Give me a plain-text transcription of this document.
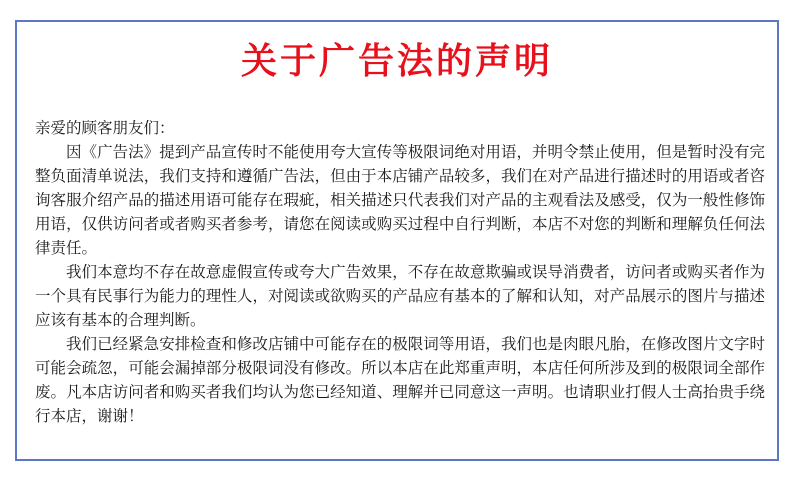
关于广告法的声明

亲爱的顾客朋友们：

因《广告法》提到产品宣传时不能使用夸大宣传等极限词绝对用语，并明令禁止使用，但是暂时没有完整负面清单说法，我们支持和遵循广告法，但由于本店铺产品较多，我们在对产品进行描述时的用语或者咨询客服介绍产品的描述用语可能存在瑕疵，相关描述只代表我们对产品的主观看法及感受，仅为一般性修饰用语，仅供访问者或者购买者参考，请您在阅读或购买过程中自行判断，本店不对您的判断和理解负任何法律责任。

我们本意均不存在故意虚假宣传或夸大广告效果，不存在故意欺骗或误导消费者，访问者或购买者作为一个具有民事行为能力的理性人，对阅读或欲购买的产品应有基本的了解和认知，对产品展示的图片与描述应该有基本的合理判断。

我们已经紧急安排检查和修改店铺中可能存在的极限词等用语，我们也是肉眼凡胎，在修改图片文字时可能会疏忽，可能会漏掉部分极限词没有修改。所以本店在此郑重声明，本店任何所涉及到的极限词全部作废。凡本店访问者和购买者我们均认为您已经知道、理解并已同意这一声明。也请职业打假人士高抬贵手绕行本店，谢谢！
